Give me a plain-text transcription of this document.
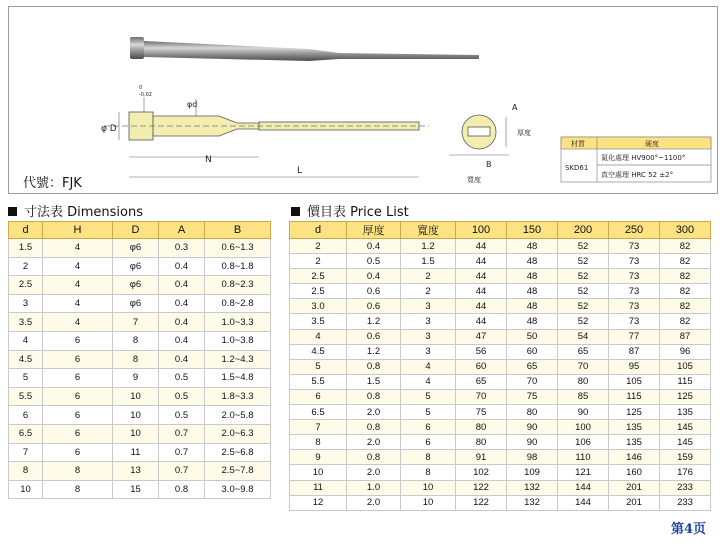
0
-0.02
φ D
φd
N
L
A
B
厚度
寬度
材質	硬度
SKD61
氮化處理 HV900°~1100°
真空處理 HRC 52 ±2°
代號：FJK
寸法表 Dimensions	價目表 Price List
d	H	D	A	B
1.5	4	φ6	0.3	0.6~1.3
2	4	φ6	0.4	0.8~1.8
2.5	4	φ6	0.4	0.8~2.3
3	4	φ6	0.4	0.8~2.8
3.5	4	7	0.4	1.0~3.3
4	6	8	0.4	1.0~3.8
4.5	6	8	0.4	1.2~4.3
5	6	9	0.5	1.5~4.8
5.5	6	10	0.5	1.8~3.3
6	6	10	0.5	2.0~5.8
6.5	6	10	0.7	2.0~6.3
7	6	11	0.7	2.5~6.8
8	8	13	0.7	2.5~7.8
10	8	15	0.8	3.0~9.8
d	厚度	寬度	100	150	200	250	300
2	0.4	1.2	44	48	52	73	82
2	0.5	1.5	44	48	52	73	82
2.5	0.4	2	44	48	52	73	82
2.5	0.6	2	44	48	52	73	82
3.0	0.6	3	44	48	52	73	82
3.5	1.2	3	44	48	52	73	82
4	0.6	3	47	50	54	77	87
4.5	1.2	3	56	60	65	87	96
5	0.8	4	60	65	70	95	105
5.5	1.5	4	65	70	80	105	115
6	0.8	5	70	75	85	115	125
6.5	2.0	5	75	80	90	125	135
7	0.8	6	80	90	100	135	145
8	2.0	6	80	90	106	135	145
9	0.8	8	91	98	110	146	159
10	2.0	8	102	109	121	160	176
11	1.0	10	122	132	144	201	233
12	2.0	10	122	132	144	201	233
第4页
